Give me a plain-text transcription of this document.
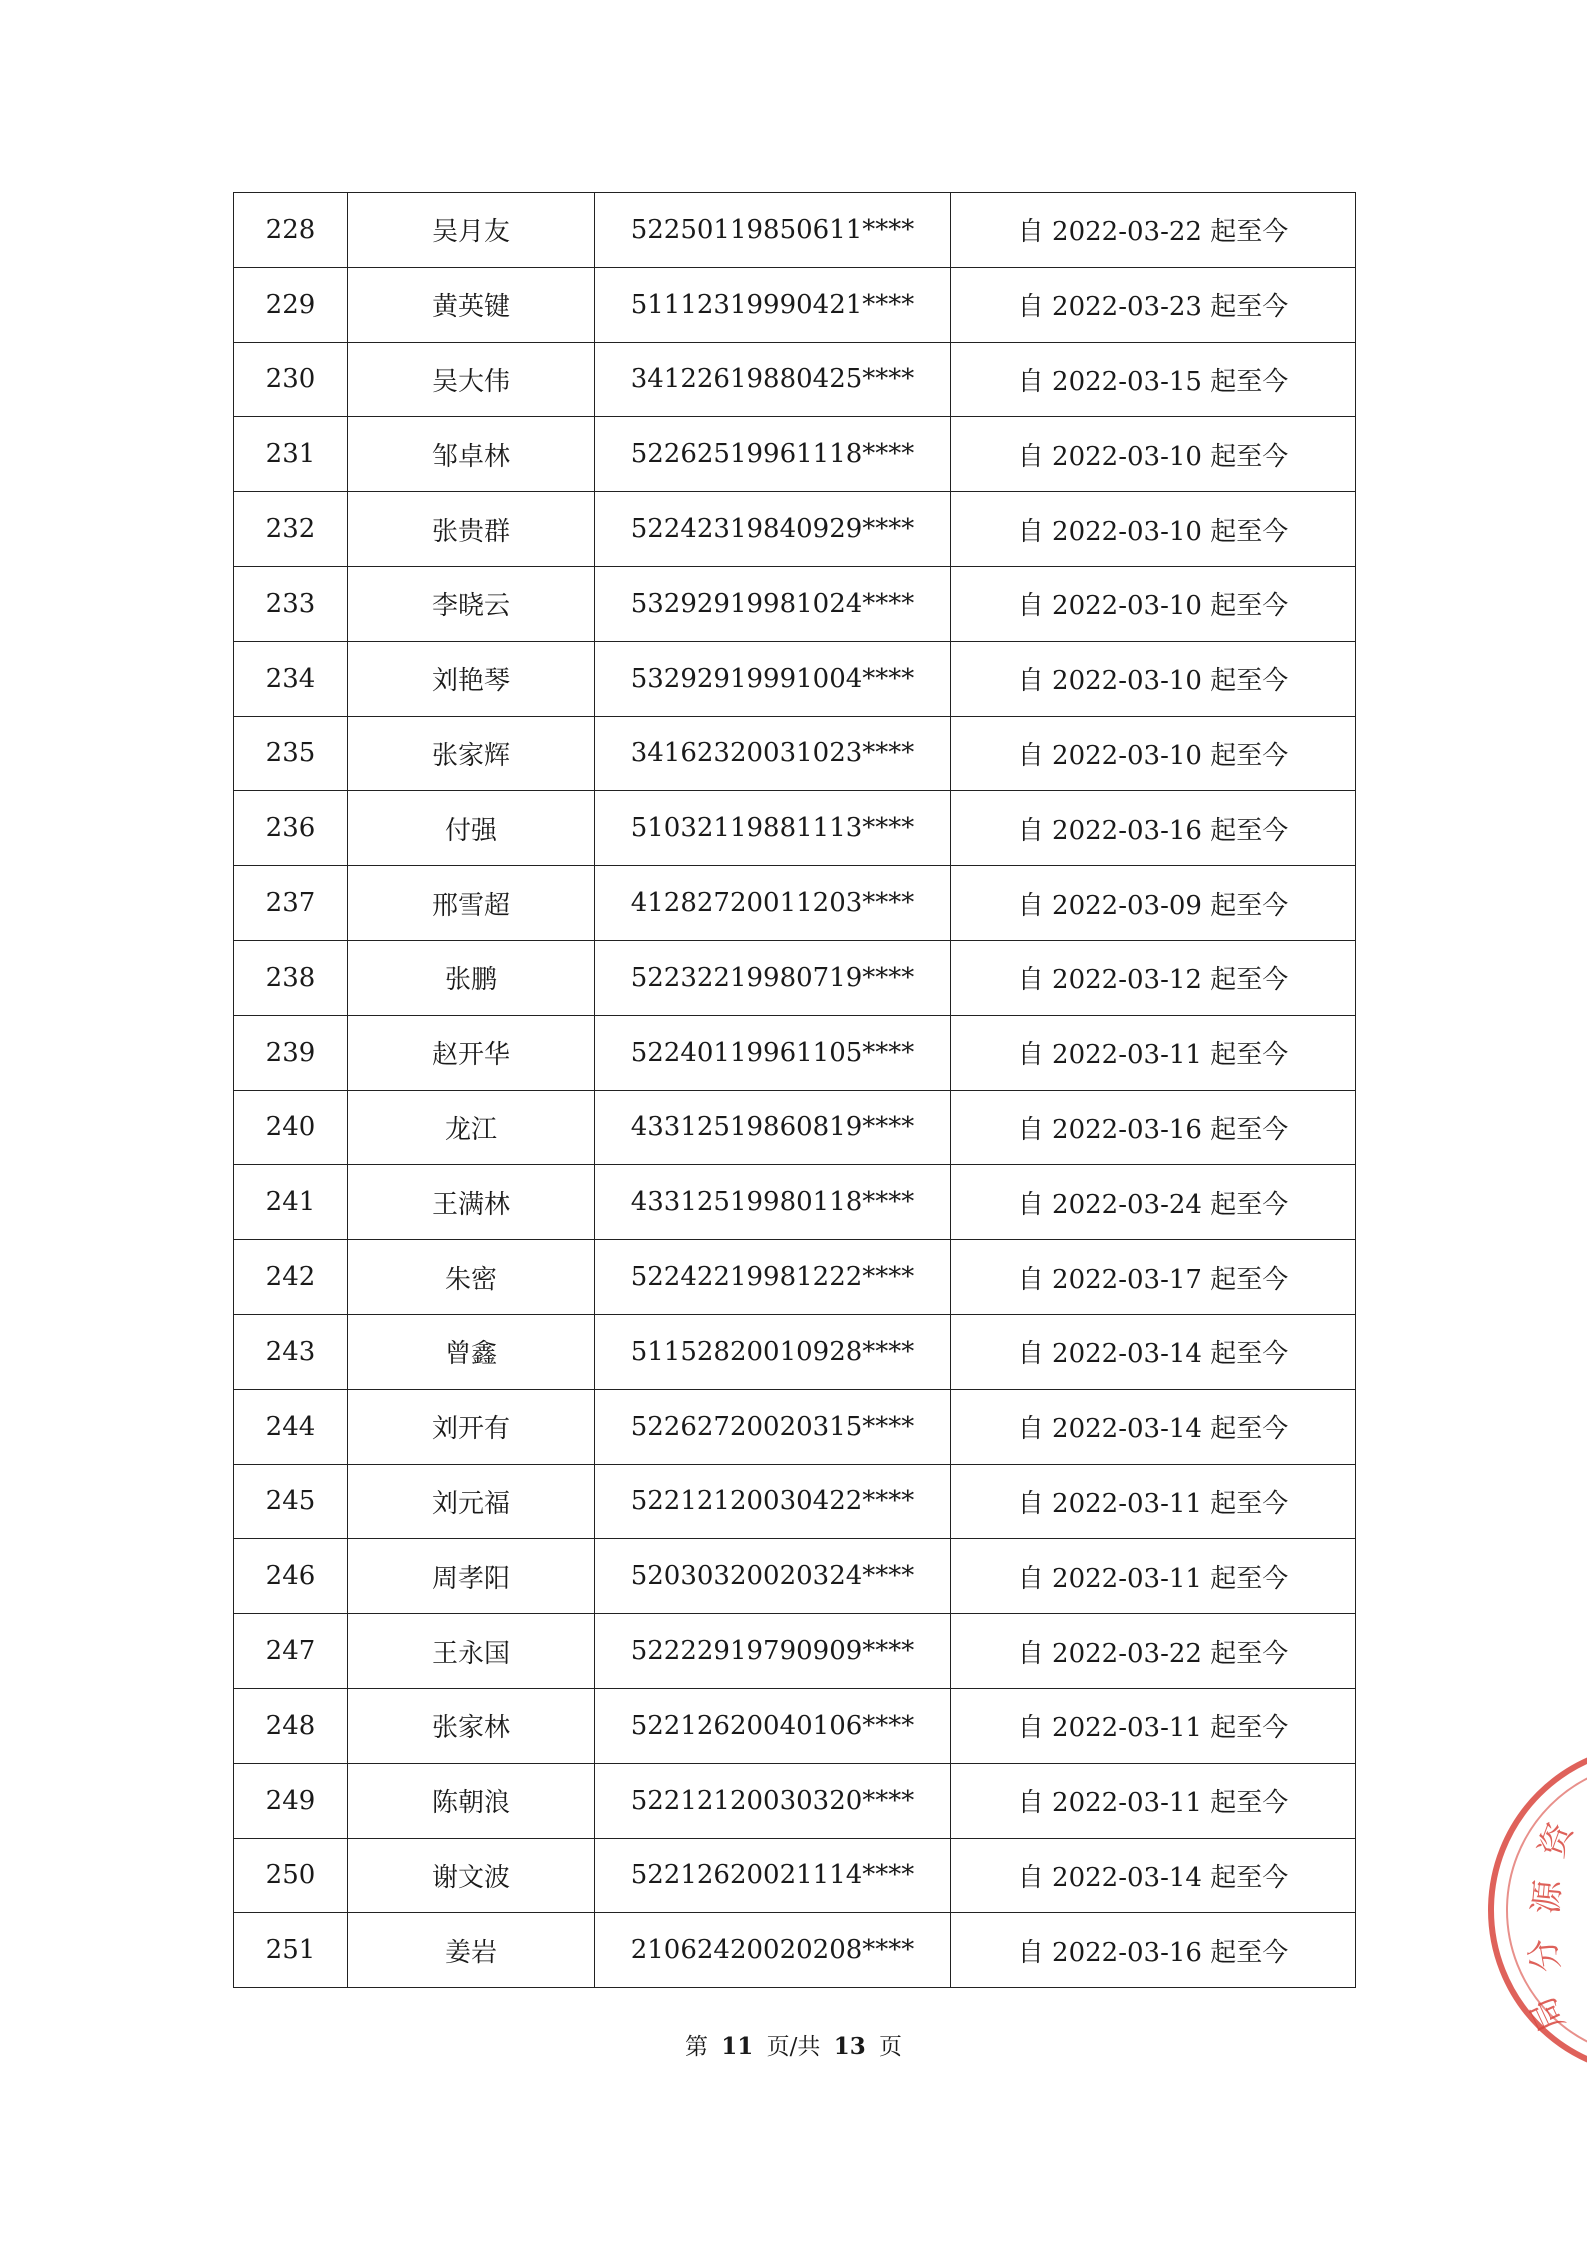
228	吴月友	52250119850611****	自 2022-03-22 起至今
229	黄英键	51112319990421****	自 2022-03-23 起至今
230	吴大伟	34122619880425****	自 2022-03-15 起至今
231	邹卓林	52262519961118****	自 2022-03-10 起至今
232	张贵群	52242319840929****	自 2022-03-10 起至今
233	李晓云	53292919981024****	自 2022-03-10 起至今
234	刘艳琴	53292919991004****	自 2022-03-10 起至今
235	张家辉	34162320031023****	自 2022-03-10 起至今
236	付强	51032119881113****	自 2022-03-16 起至今
237	邢雪超	41282720011203****	自 2022-03-09 起至今
238	张鹏	52232219980719****	自 2022-03-12 起至今
239	赵开华	52240119961105****	自 2022-03-11 起至今
240	龙江	43312519860819****	自 2022-03-16 起至今
241	王满林	43312519980118****	自 2022-03-24 起至今
242	朱密	52242219981222****	自 2022-03-17 起至今
243	曾鑫	51152820010928****	自 2022-03-14 起至今
244	刘开有	52262720020315****	自 2022-03-14 起至今
245	刘元福	52212120030422****	自 2022-03-11 起至今
246	周孝阳	52030320020324****	自 2022-03-11 起至今
247	王永国	52222919790909****	自 2022-03-22 起至今
248	张家林	52212620040106****	自 2022-03-11 起至今
249	陈朝浪	52212120030320****	自 2022-03-11 起至今
250	谢文波	52212620021114****	自 2022-03-14 起至今
251	姜岩	21062420020208****	自 2022-03-16 起至今
第 11 页/共 13 页
资
源
分
局
